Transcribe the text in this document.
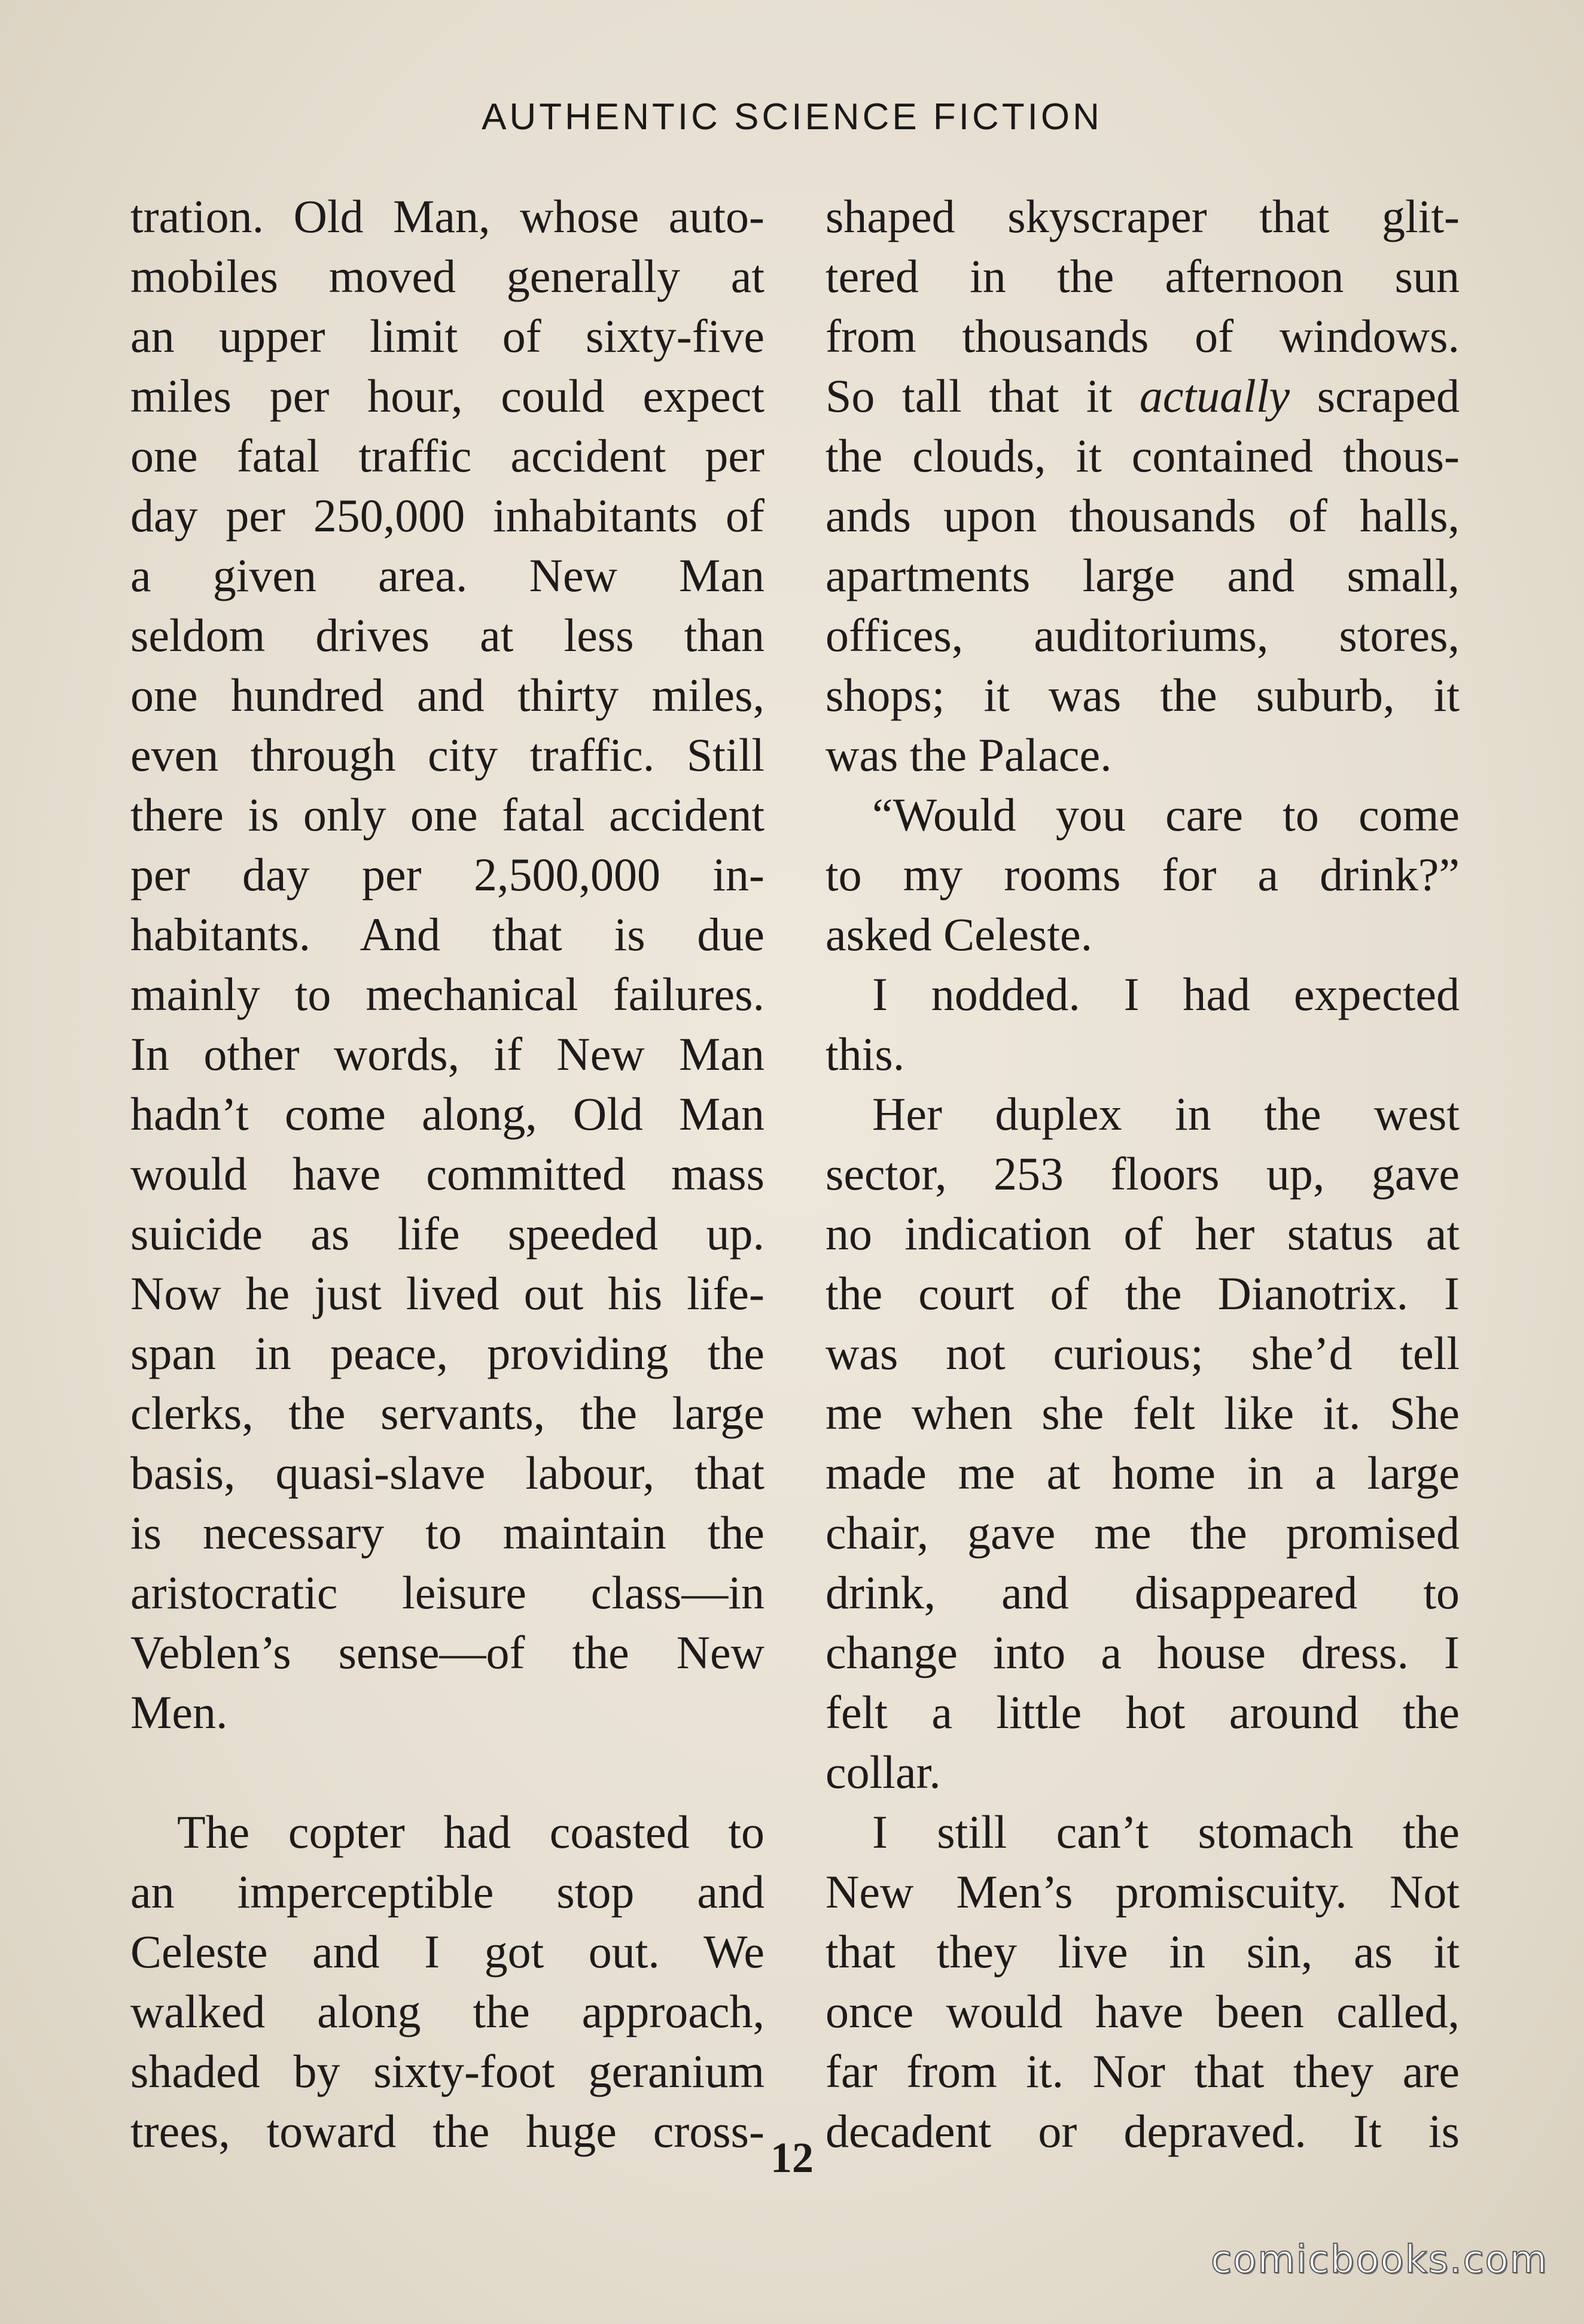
AUTHENTIC SCIENCE FICTION
tration. Old Man, whose auto-
mobiles moved generally at
an upper limit of sixty-five
miles per hour, could expect
one fatal traffic accident per
day per 250,000 inhabitants of
a given area. New Man
seldom drives at less than
one hundred and thirty miles,
even through city traffic. Still
there is only one fatal accident
per day per 2,500,000 in-
habitants. And that is due
mainly to mechanical failures.
In other words, if New Man
hadn’t come along, Old Man
would have committed mass
suicide as life speeded up.
Now he just lived out his life-
span in peace, providing the
clerks, the servants, the large
basis, quasi-slave labour, that
is necessary to maintain the
aristocratic leisure class—in
Veblen’s sense—of the New
Men.
The copter had coasted to
an imperceptible stop and
Celeste and I got out. We
walked along the approach,
shaded by sixty-foot geranium
trees, toward the huge cross-
shaped skyscraper that glit-
tered in the afternoon sun
from thousands of windows.
So tall that it actually scraped
the clouds, it contained thous-
ands upon thousands of halls,
apartments large and small,
offices, auditoriums, stores,
shops; it was the suburb, it
was the Palace.
“Would you care to come
to my rooms for a drink?”
asked Celeste.
I nodded. I had expected
this.
Her duplex in the west
sector, 253 floors up, gave
no indication of her status at
the court of the Dianotrix. I
was not curious; she’d tell
me when she felt like it. She
made me at home in a large
chair, gave me the promised
drink, and disappeared to
change into a house dress. I
felt a little hot around the
collar.
I still can’t stomach the
New Men’s promiscuity. Not
that they live in sin, as it
once would have been called,
far from it. Nor that they are
decadent or depraved. It is
12
comicbooks.com
